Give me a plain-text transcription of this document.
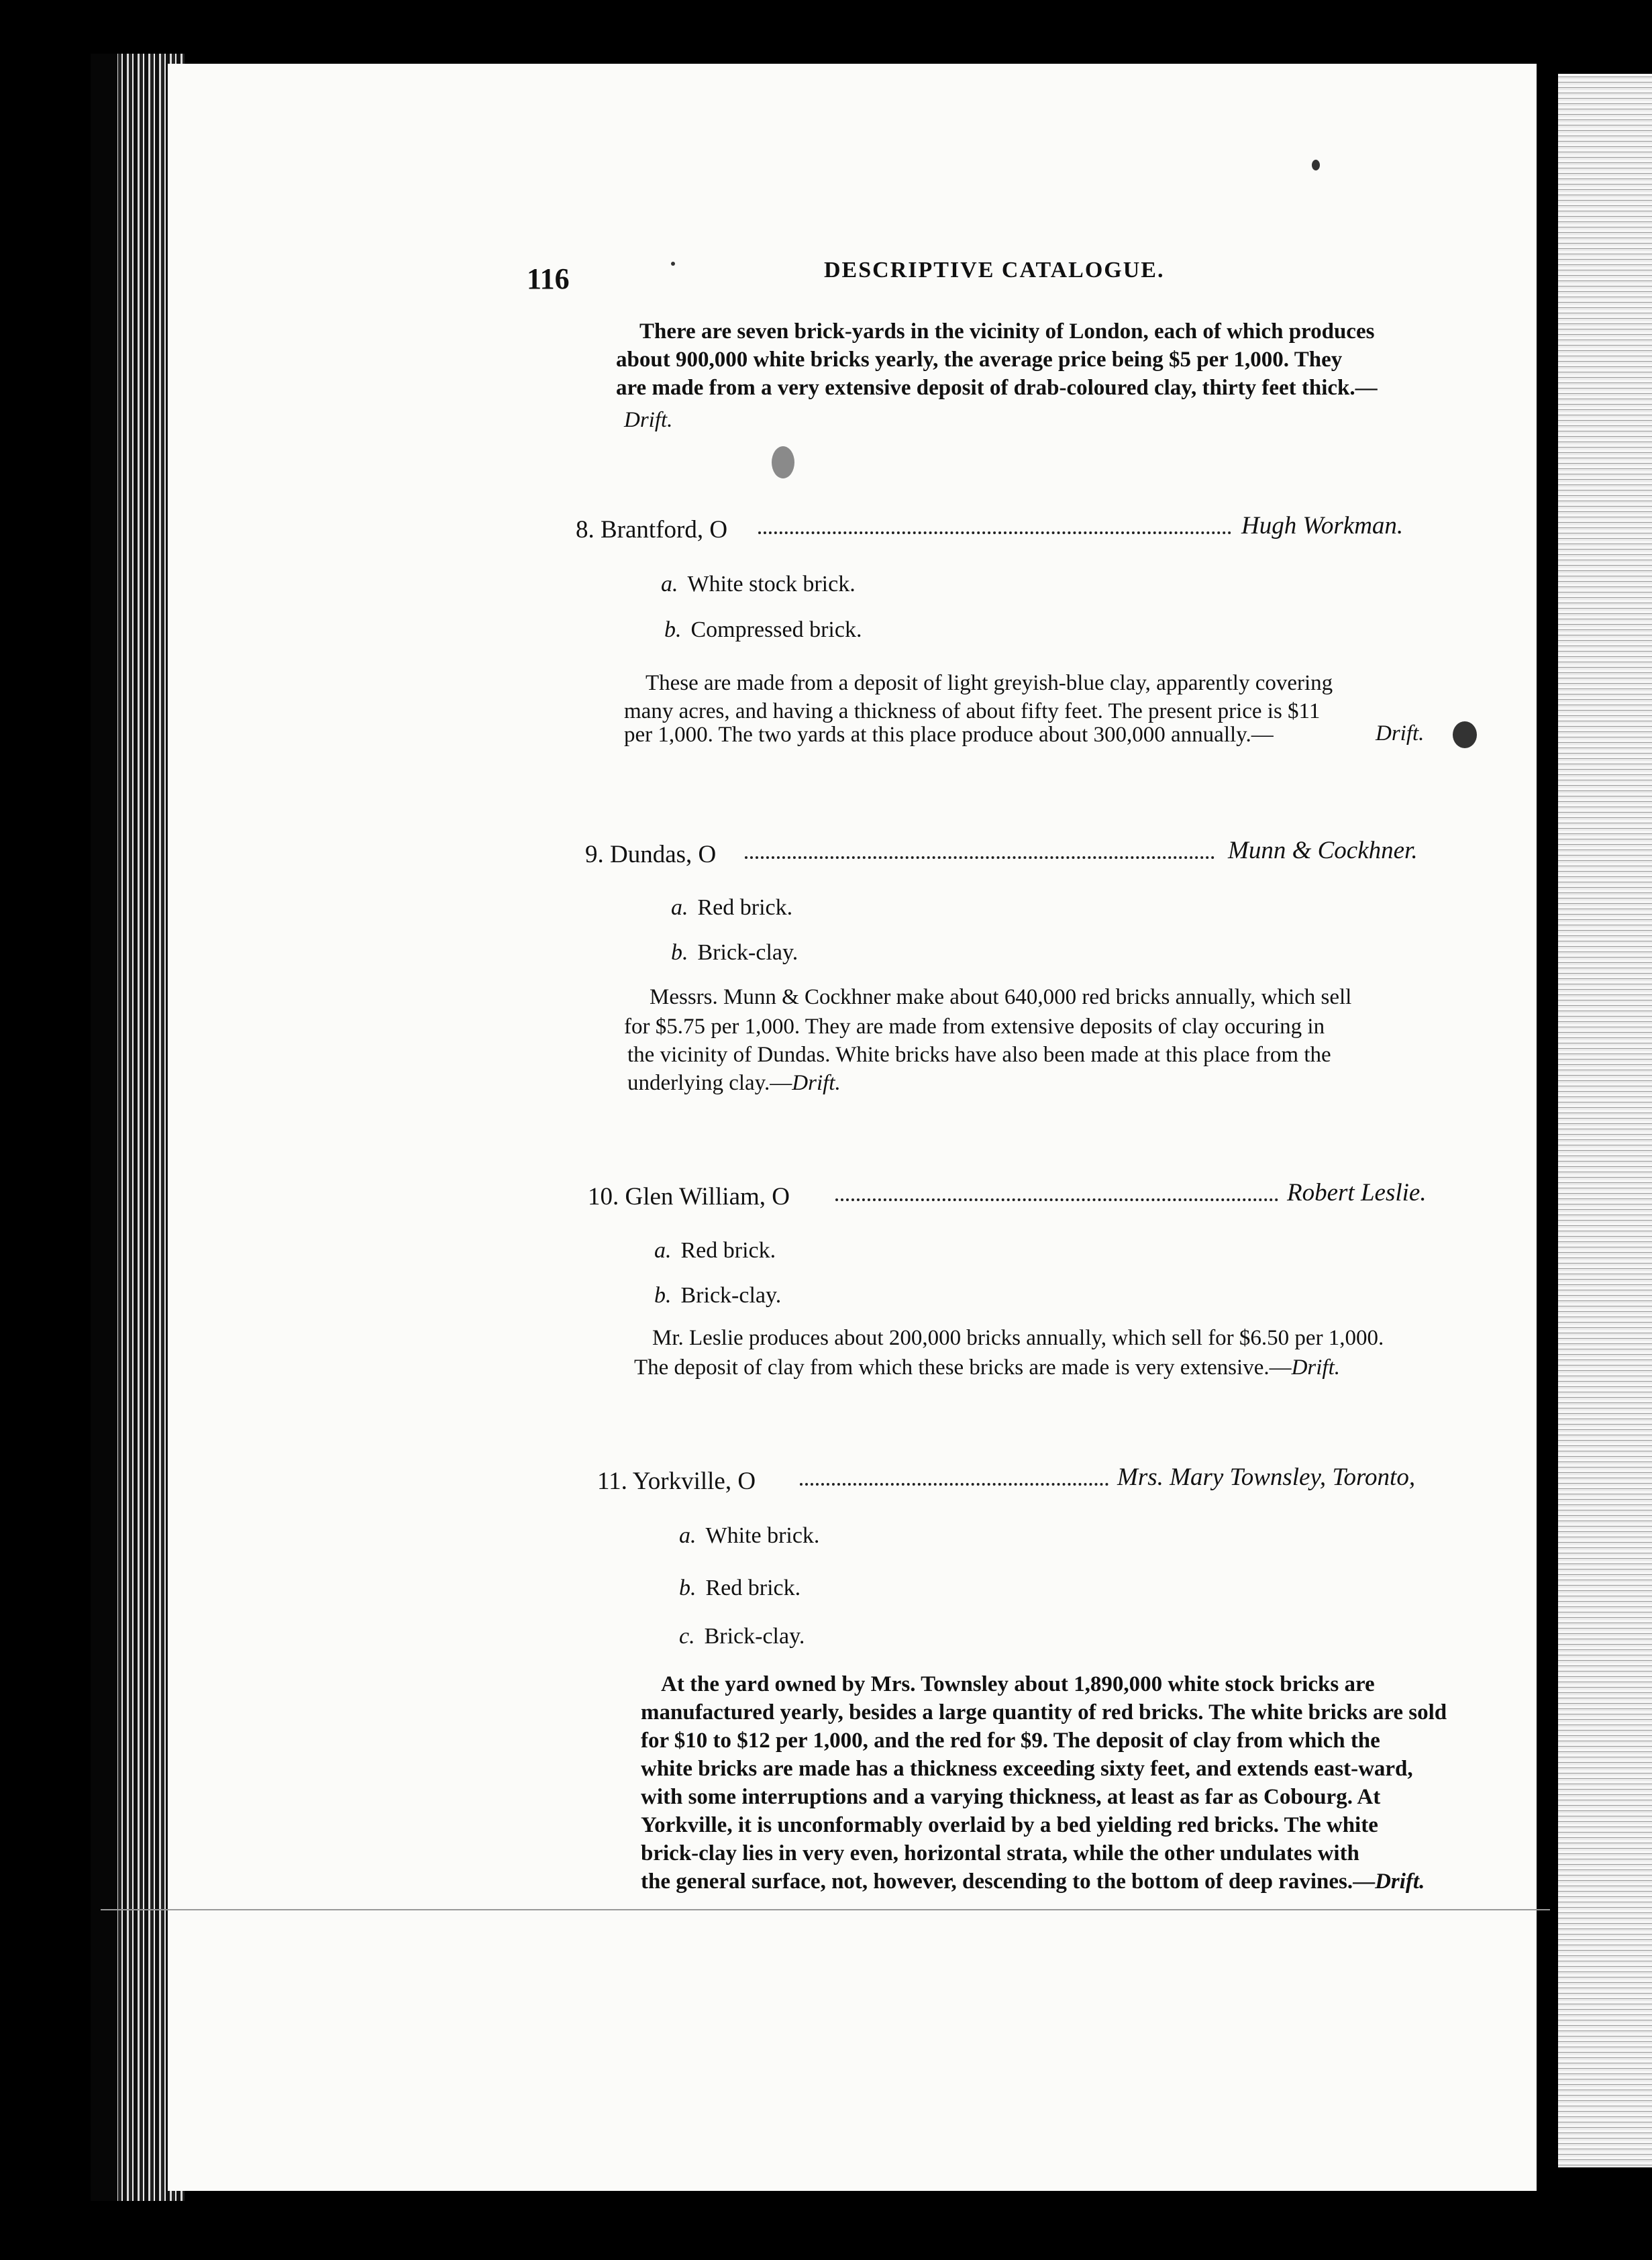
116	DESCRIPTIVE CATALOGUE.
There are seven brick-yards in the vicinity of London, each of which produces
about 900,000 white bricks yearly, the average price being $5 per 1,000. They
are made from a very extensive deposit of drab-coloured clay, thirty feet thick.—
Drift.
8. Brantford, O	Hugh Workman.
a. White stock brick.
b. Compressed brick.
These are made from a deposit of light greyish-blue clay, apparently covering
many acres, and having a thickness of about fifty feet. The present price is $11
per 1,000. The two yards at this place produce about 300,000 annually.—	Drift.
9. Dundas, O	Munn & Cockhner.
a. Red brick.
b. Brick-clay.
Messrs. Munn & Cockhner make about 640,000 red bricks annually, which sell
for $5.75 per 1,000. They are made from extensive deposits of clay occuring in
the vicinity of Dundas. White bricks have also been made at this place from the
underlying clay.—Drift.
10. Glen William, O	Robert Leslie.
a. Red brick.
b. Brick-clay.
Mr. Leslie produces about 200,000 bricks annually, which sell for $6.50 per 1,000.
The deposit of clay from which these bricks are made is very extensive.—Drift.
11. Yorkville, O	Mrs. Mary Townsley, Toronto,
a. White brick.
b. Red brick.
c. Brick-clay.
At the yard owned by Mrs. Townsley about 1,890,000 white stock bricks are
manufactured yearly, besides a large quantity of red bricks. The white bricks are sold
for $10 to $12 per 1,000, and the red for $9. The deposit of clay from which the
white bricks are made has a thickness exceeding sixty feet, and extends east-ward,
with some interruptions and a varying thickness, at least as far as Cobourg. At
Yorkville, it is unconformably overlaid by a bed yielding red bricks. The white
brick-clay lies in very even, horizontal strata, while the other undulates with
the general surface, not, however, descending to the bottom of deep ravines.—Drift.
